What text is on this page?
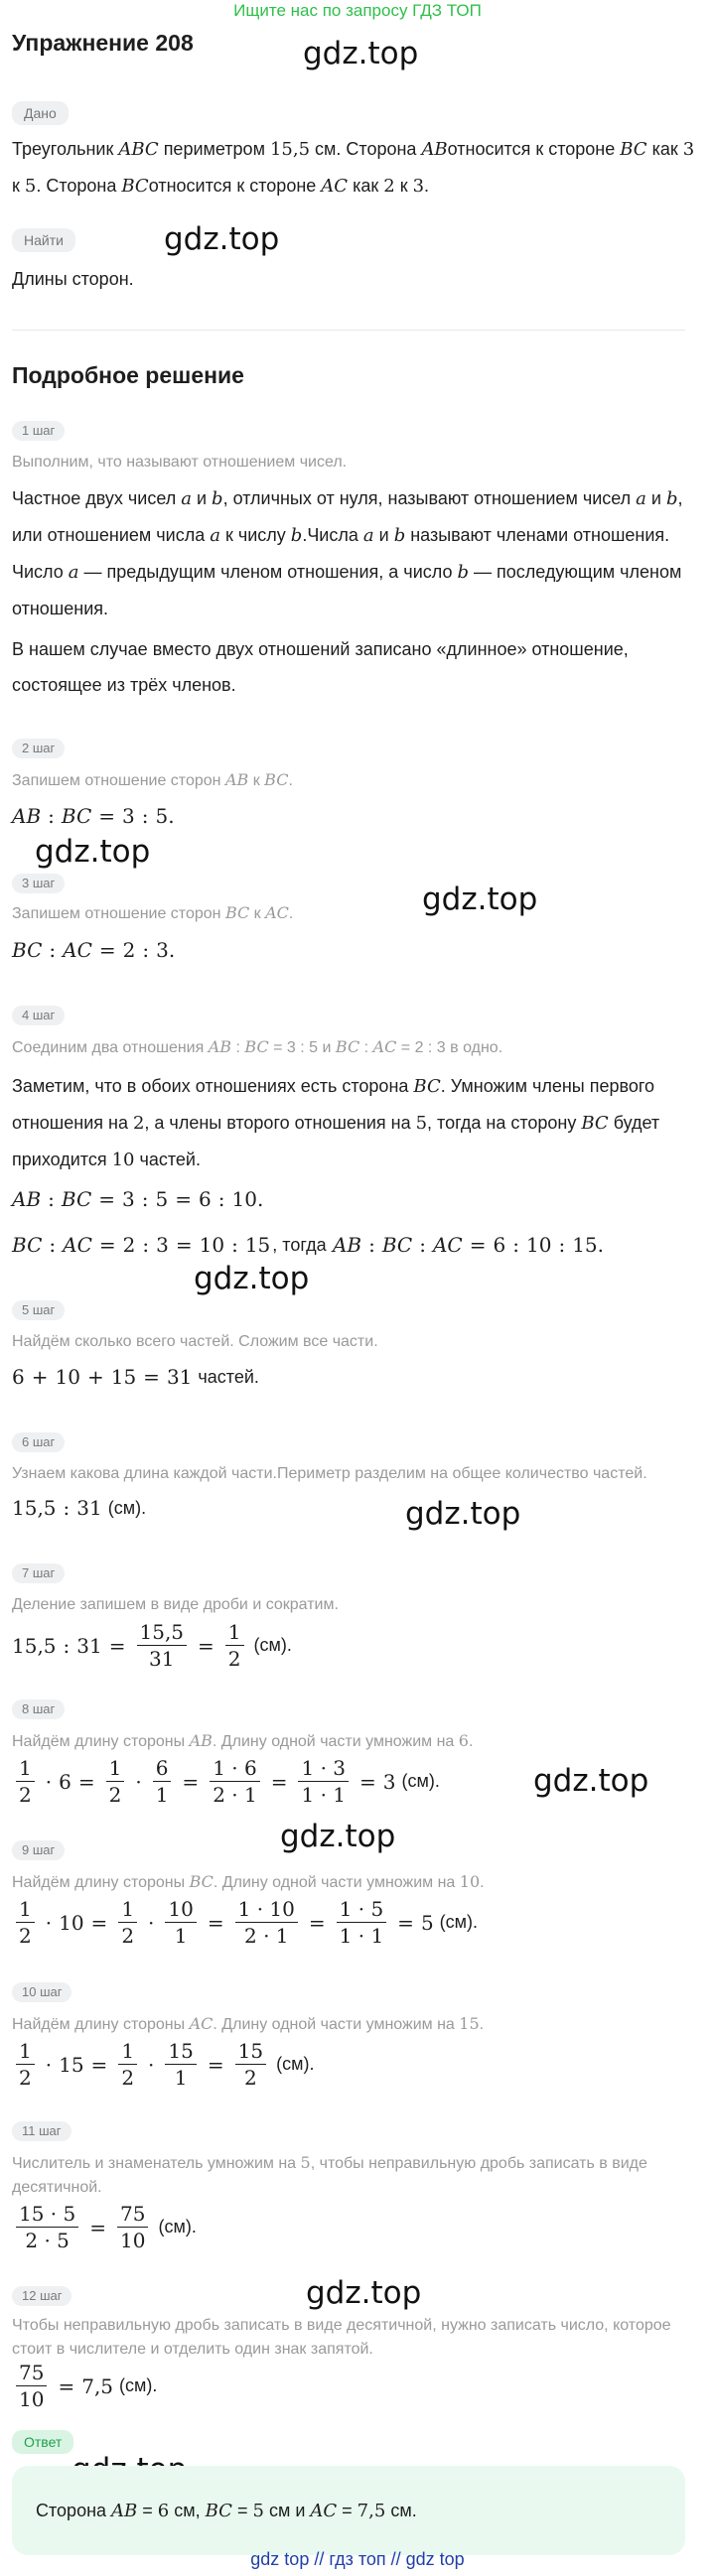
Ищите нас по запросу ГДЗ ТОП
Упражнение 208	gdz.top
Дано
Треугольник ABC периметром 15,5 см. Сторона ABотносится к стороне BC как 3 к 5. Сторона BCотносится к стороне AC как 2 к 3.
Найти	gdz.top
Длины сторон.
Подробное решение
1 шаг
Выполним, что называют отношением чисел.
Частное двух чисел a и b, отличных от нуля, называют отношением чисел a и b, или отношением числа a к числу b.Числа a и b называют членами отношения. Число a — предыдущим членом отношения, а число b — последующим членом отношения.
В нашем случае вместо двух отношений записано «длинное» отношение, состоящее из трёх членов.
2 шаг
Запишем отношение сторон AB к BC.
AB : BC = 3 : 5.
gdz.top
3 шаг	gdz.top
Запишем отношение сторон BC к AC.
BC : AC = 2 : 3.
4 шаг
Соединим два отношения AB : BC = 3 : 5 и BC : AC = 2 : 3 в одно.
Заметим, что в обоих отношениях есть сторона BC. Умножим члены первого отношения на 2, а члены второго отношения на 5, тогда на сторону BC будет приходится 10 частей.
AB : BC = 3 : 5 = 6 : 10.
BC : AC = 2 : 3 = 10 : 15 , тогда
AB : BC : AC = 6 : 10 : 15.
gdz.top
5 шаг
Найдём сколько всего частей. Сложим все части.
6 + 10 + 15 = 31 частей.
6 шаг
Узнаем какова длина каждой части.Периметр разделим на общее количество частей.
15,5 : 31 (см).	gdz.top
7 шаг
Деление запишем в виде дроби и сократим.
15,5 : $31 = \frac{15,5}{31} = \frac{1}{2} (см)$.
8 шаг
Найдём длину стороны AB. Длину одной части умножим на 6.
$\frac{1}{2} \cdot 6 = \frac{1}{2} \cdot \frac{6}{1} = \frac{1 \cdot 6}{2 \cdot 1} = \frac{1 \cdot 3}{1 \cdot 1} = 3$ (см).	gdz.top
gdz.top
9 шаг
Найдём длину стороны BC. Длину одной части умножим на 10.
$\frac{1}{2} \cdot 10 = \frac{1}{2} \cdot \frac{10}{1} = \frac{1 \cdot 10}{2 \cdot 1} = \frac{1 \cdot 5}{1 \cdot 1} = 5$ (см).
10 шаг
Найдём длину стороны AC. Длину одной части умножим на 15.
$\frac{1}{2} \cdot 15 = \frac{1}{2} \cdot \frac{15}{1} = \frac{15}{2} (см)$.
11 шаг
Числитель и знаменатель умножим на 5, чтобы неправильную дробь записать в виде десятичной.
$\frac{15 \cdot 5}{2 \cdot 5} = \frac{75}{10} (см)$.
gdz.top
12 шаг
Чтобы неправильную дробь записать в виде десятичной, нужно записать число, которое стоит в числителе и отделить один знак запятой.
$\frac{75}{10} = 7,5$ (см).
Ответ
Сторона AB = 6 см, BC = 5 см и AC = 7,5 см.
gdz top // гдз топ // gdz top
